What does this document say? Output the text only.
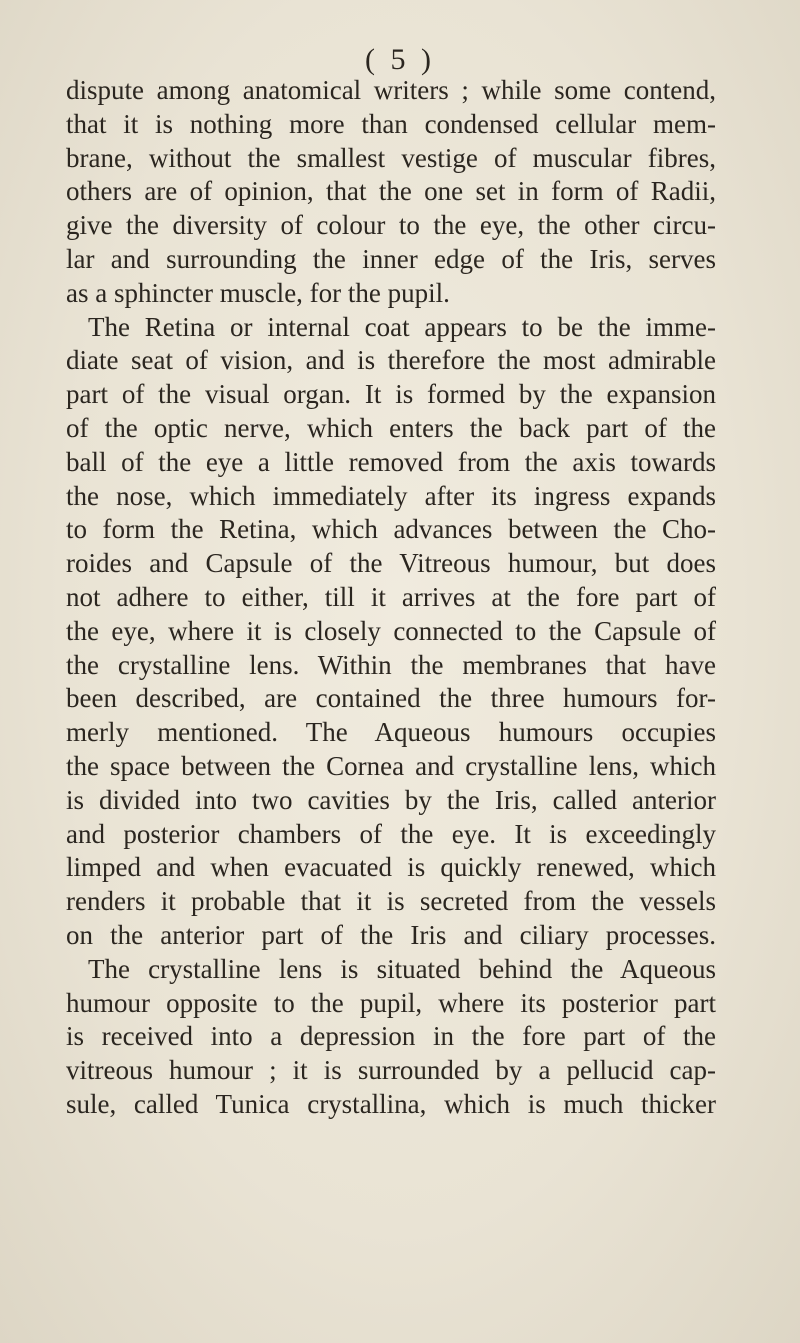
( 5 )
dispute among anatomical writers ; while some contend,
that it is nothing more than condensed cellular mem-
brane, without the smallest vestige of muscular fibres,
others are of opinion, that the one set in form of Radii,
give the diversity of colour to the eye, the other circu-
lar and surrounding the inner edge of the Iris, serves
as a sphincter muscle, for the pupil.
The Retina or internal coat appears to be the imme-
diate seat of vision, and is therefore the most admirable
part of the visual organ. It is formed by the expansion
of the optic nerve, which enters the back part of the
ball of the eye a little removed from the axis towards
the nose, which immediately after its ingress expands
to form the Retina, which advances between the Cho-
roides and Capsule of the Vitreous humour, but does
not adhere to either, till it arrives at the fore part of
the eye, where it is closely connected to the Capsule of
the crystalline lens. Within the membranes that have
been described, are contained the three humours for-
merly mentioned. The Aqueous humours occupies
the space between the Cornea and crystalline lens, which
is divided into two cavities by the Iris, called anterior
and posterior chambers of the eye. It is exceedingly
limped and when evacuated is quickly renewed, which
renders it probable that it is secreted from the vessels
on the anterior part of the Iris and ciliary processes.
The crystalline lens is situated behind the Aqueous
humour opposite to the pupil, where its posterior part
is received into a depression in the fore part of the
vitreous humour ; it is surrounded by a pellucid cap-
sule, called Tunica crystallina, which is much thicker
